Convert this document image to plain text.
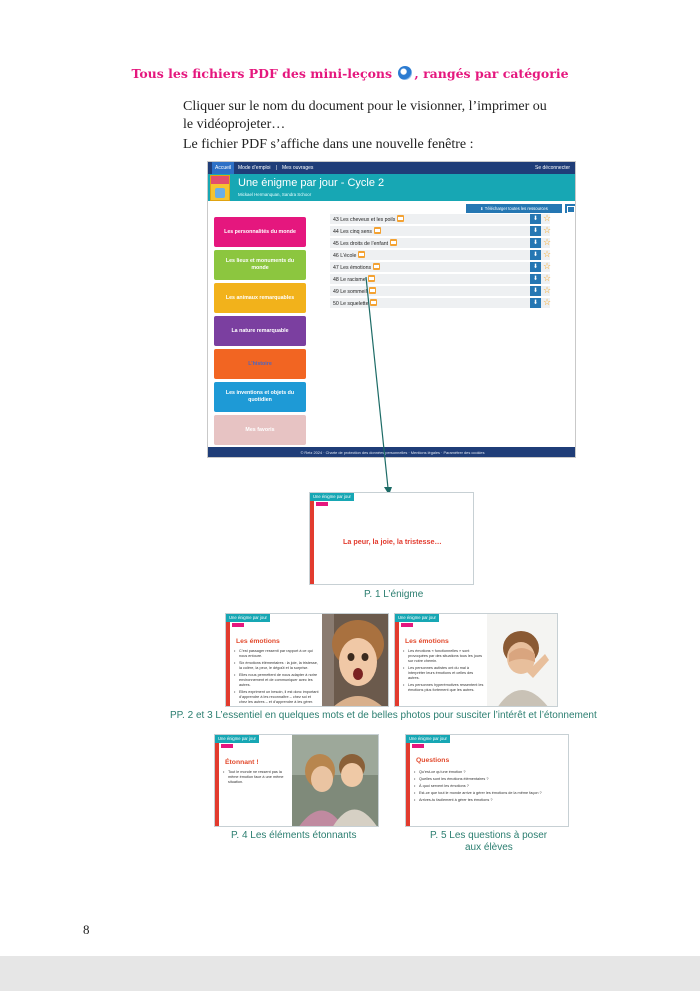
Tous les fichiers PDF des mini-leçons , rangés par catégorie
Cliquer sur le nom du document pour le visionner, l’imprimer ou
le vidéoprojeter…
Le fichier PDF s’affiche dans une nouvelle fenêtre :
Accueil	Mode d’emploi | Mes ouvrages	Se déconnecter
Une énigme par jour - Cycle 2
Mickael Hermanquan, Sandra Schoor
⬇ Télécharger toutes les ressources
Les personnalités du monde
Les lieux et monuments du monde
Les animaux remarquables
La nature remarquable
L’histoire
Les inventions et objets du quotidien
Mes favoris
43 Les cheveux et les poils	⬇ ☆
44 Les cinq sens	⬇ ☆
45 Les droits de l’enfant	⬇ ☆
46 L’école	⬇ ☆
47 Les émotions	⬇ ☆
48 Le racisme	⬇ ☆
49 Le sommeil	⬇ ☆
50 Le squelette	⬇ ☆
© Retz 2024 · Charte de protection des données personnelles · Mentions légales · Paramétrer des cookies
Une énigme par jour
La peur, la joie, la tristesse…
P. 1 L’énigme
Une énigme par jour
Les émotions

• C’est passager ressenti par rapport à ce qui nous entoure.

• Six émotions élémentaires : la joie, la tristesse, la colère, la peur, le dégoût et la surprise.

• Elles nous permettent de nous adapter à notre environnement et de communiquer avec les autres.

• Elles expriment un besoin, il est donc important d’apprendre à les reconnaître – chez soi et chez les autres – et d’apprendre à les gérer.

Une énigme par jour
Les émotions

• Les émotions « fonctionnelles » sont provoquées par des situations tous les jours sur notre chemin.

• Les personnes autistes ont du mal à interpréter leurs émotions et celles des autres.

• Les personnes hyperémotives ressentent les émotions plus fortement que les autres.

PP. 2 et 3 L’essentiel en quelques mots et de belles photos pour susciter l’intérêt et l’étonnement
Une énigme par jour
Étonnant !

• Tout le monde ne ressent pas la même émotion face à une même situation.

P. 4 Les éléments étonnants
Une énigme par jour
Questions

• Qu’est-ce qu’une émotion ?

• Quelles sont les émotions élémentaires ?

• À quoi servent les émotions ?

• Est-ce que tout le monde arrive à gérer les émotions de la même façon ?

• Arrives-tu facilement à gérer tes émotions ?

P. 5 Les questions à poser
aux élèves
8
